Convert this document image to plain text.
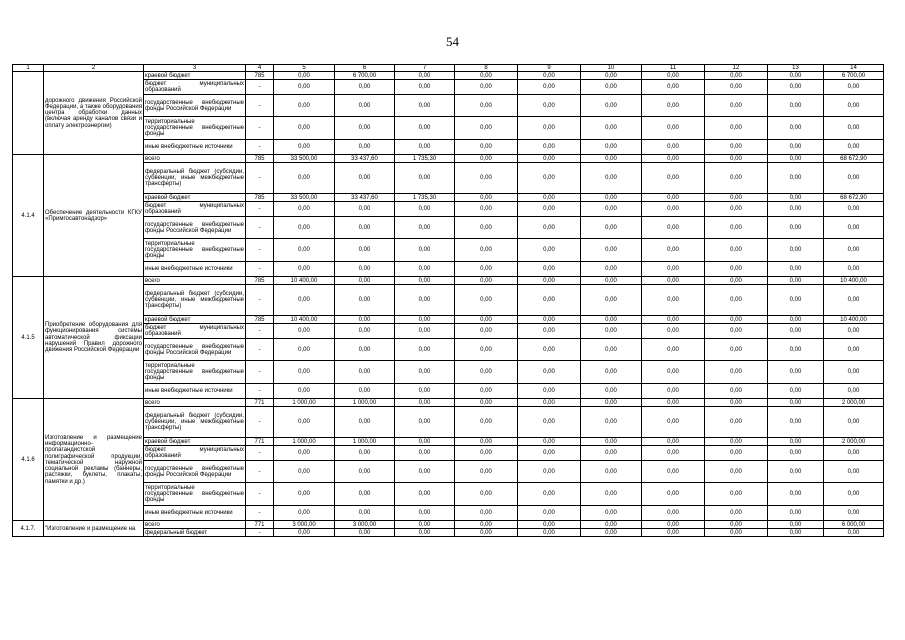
54
1	2	3	4	5	6	7	8	9	10	11	12	13	14
	дорожного движения Российской Федерации, а также оборудования центра обработки данных (включая аренду каналов связи и оплату электроэнергии)	краевой бюджет	785	0,00	6 700,00	0,00	0,00	0,00	0,00	0,00	0,00	0,00	6 700,00
		бюджет муниципальных образований	-	0,00	0,00	0,00	0,00	0,00	0,00	0,00	0,00	0,00	0,00
		государственные внебюджетные фонды Российской Федерации	-	0,00	0,00	0,00	0,00	0,00	0,00	0,00	0,00	0,00	0,00
		территориальные государственные внебюджетные фонды	-	0,00	0,00	0,00	0,00	0,00	0,00	0,00	0,00	0,00	0,00
		иные внебюджетные источники	-	0,00	0,00	0,00	0,00	0,00	0,00	0,00	0,00	0,00	0,00
4.1.4	Обеспечение деятельности КГКУ «Примгосавтонадзор»	всего	785	33 500,00	33 437,60	1 735,30	0,00	0,00	0,00	0,00	0,00	0,00	68 672,90
		федеральный бюджет (субсидии, субвенции, иные межбюджетные трансферты)	-	0,00	0,00	0,00	0,00	0,00	0,00	0,00	0,00	0,00	0,00
		краевой бюджет	785	33 500,00	33 437,60	1 735,30	0,00	0,00	0,00	0,00	0,00	0,00	68 672,90
		бюджет муниципальных образований	-	0,00	0,00	0,00	0,00	0,00	0,00	0,00	0,00	0,00	0,00
		государственные внебюджетные фонды Российской Федерации	-	0,00	0,00	0,00	0,00	0,00	0,00	0,00	0,00	0,00	0,00
		территориальные государственные внебюджетные фонды	-	0,00	0,00	0,00	0,00	0,00	0,00	0,00	0,00	0,00	0,00
		иные внебюджетные источники	-	0,00	0,00	0,00	0,00	0,00	0,00	0,00	0,00	0,00	0,00
4.1.5	Приобретение оборудования для функционирования системы автоматической фиксации нарушений Правил дорожного движения Российской Федерации	всего	785	10 400,00	0,00	0,00	0,00	0,00	0,00	0,00	0,00	0,00	10 400,00
		федеральный бюджет (субсидии, субвенции, иные межбюджетные трансферты)	-	0,00	0,00	0,00	0,00	0,00	0,00	0,00	0,00	0,00	0,00
		краевой бюджет	785	10 400,00	0,00	0,00	0,00	0,00	0,00	0,00	0,00	0,00	10 400,00
		бюджет муниципальных образований	-	0,00	0,00	0,00	0,00	0,00	0,00	0,00	0,00	0,00	0,00
		государственные внебюджетные фонды Российской Федерации	-	0,00	0,00	0,00	0,00	0,00	0,00	0,00	0,00	0,00	0,00
		территориальные государственные внебюджетные фонды	-	0,00	0,00	0,00	0,00	0,00	0,00	0,00	0,00	0,00	0,00
		иные внебюджетные источники	-	0,00	0,00	0,00	0,00	0,00	0,00	0,00	0,00	0,00	0,00
4.1.6	Изготовление и размещение информационно-пропагандистской полиграфической продукции, тематической наружной социальной рекламы (баннеры, растяжки, буклеты, плакаты, памятки и др.)	всего	771	1 000,00	1 000,00	0,00	0,00	0,00	0,00	0,00	0,00	0,00	2 000,00
		федеральный бюджет (субсидии, субвенции, иные межбюджетные трансферты)	-	0,00	0,00	0,00	0,00	0,00	0,00	0,00	0,00	0,00	0,00
		краевой бюджет	771	1 000,00	1 000,00	0,00	0,00	0,00	0,00	0,00	0,00	0,00	2 000,00
		бюджет муниципальных образований	-	0,00	0,00	0,00	0,00	0,00	0,00	0,00	0,00	0,00	0,00
		государственные внебюджетные фонды Российской Федерации	-	0,00	0,00	0,00	0,00	0,00	0,00	0,00	0,00	0,00	0,00
		территориальные государственные внебюджетные фонды	-	0,00	0,00	0,00	0,00	0,00	0,00	0,00	0,00	0,00	0,00
		иные внебюджетные источники	-	0,00	0,00	0,00	0,00	0,00	0,00	0,00	0,00	0,00	0,00
4.1.7.	"Изготовление и размещение на	всего	771	3 000,00	3 000,00	0,00	0,00	0,00	0,00	0,00	0,00	0,00	6 000,00
		федеральный бюджет	-	0,00	0,00	0,00	0,00	0,00	0,00	0,00	0,00	0,00	0,00
